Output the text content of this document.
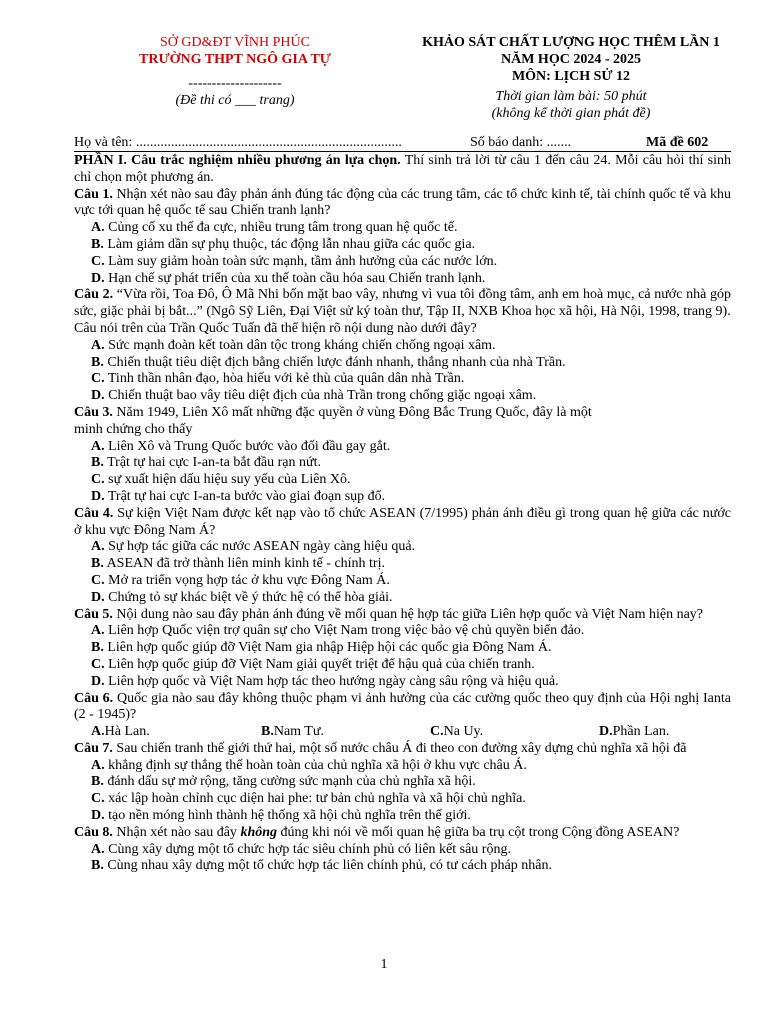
SỞ GD&ĐT VĨNH PHÚC
TRƯỜNG THPT NGÔ GIA TỰ
--------------------
(Đề thi có ___ trang)
KHẢO SÁT CHẤT LƯỢNG HỌC THÊM LẦN 1
NĂM HỌC 2024 - 2025
MÔN: LỊCH SỬ 12
Thời gian làm bài: 50 phút
(không kể thời gian phát đề)
Họ và tên: ............................................................................	Số báo danh: .......	Mã đề 602

PHẦN I. Câu trắc nghiệm nhiều phương án lựa chọn. Thí sinh trả lời từ câu 1 đến câu 24. Mỗi câu hỏi thí sinh chỉ chọn một phương án.

Câu 1. Nhận xét nào sau đây phản ánh đúng tác động của các trung tâm, các tổ chức kinh tế, tài chính quốc tế và khu vực tới quan hệ quốc tế sau Chiến tranh lạnh?

A. Củng cố xu thế đa cực, nhiều trung tâm trong quan hệ quốc tế.

B. Làm giảm dần sự phụ thuộc, tác động lẫn nhau giữa các quốc gia.

C. Làm suy giảm hoàn toàn sức mạnh, tầm ảnh hưởng của các nước lớn.

D. Hạn chế sự phát triển của xu thế toàn cầu hóa sau Chiến tranh lạnh.

Câu 2. “Vừa rồi, Toa Đô, Ô Mã Nhi bốn mặt bao vây, nhưng vì vua tôi đồng tâm, anh em hoà mục, cả nước nhà góp sức, giặc phải bị bắt...” (Ngô Sỹ Liên, Đại Việt sử ký toàn thư, Tập II, NXB Khoa học xã hội, Hà Nội, 1998, trang 9).

Câu nói trên của Trần Quốc Tuấn đã thể hiện rõ nội dung nào dưới đây?

A. Sức mạnh đoàn kết toàn dân tộc trong kháng chiến chống ngoại xâm.

B. Chiến thuật tiêu diệt địch bằng chiến lược đánh nhanh, thắng nhanh của nhà Trần.

C. Tinh thần nhân đạo, hòa hiếu với kẻ thù của quân dân nhà Trần.

D. Chiến thuật bao vây tiêu diệt địch của nhà Trần trong chống giặc ngoại xâm.

Câu 3. Năm 1949, Liên Xô mất những đặc quyền ở vùng Đông Bắc Trung Quốc, đây là một

minh chứng cho thấy

A. Liên Xô và Trung Quốc bước vào đối đầu gay gắt.

B. Trật tự hai cực I-an-ta bắt đầu rạn nứt.

C. sự xuất hiện dấu hiệu suy yếu của Liên Xô.

D. Trật tự hai cực I-an-ta bước vào giai đoạn sụp đổ.

Câu 4. Sự kiện Việt Nam được kết nạp vào tổ chức ASEAN (7/1995) phản ánh điều gì trong quan hệ giữa các nước ở khu vực Đông Nam Á?

A. Sự hợp tác giữa các nước ASEAN ngày càng hiệu quả.

B. ASEAN đã trở thành liên minh kinh tế - chính trị.

C. Mở ra triển vọng hợp tác ở khu vực Đông Nam Á.

D. Chứng tỏ sự khác biệt về ý thức hệ có thể hòa giải.

Câu 5. Nội dung nào sau đây phản ánh đúng về mối quan hệ hợp tác giữa Liên hợp quốc và Việt Nam hiện nay?

A. Liên hợp Quốc viện trợ quân sự cho Việt Nam trong việc bảo vệ chủ quyền biển đảo.

B. Liên hợp quốc giúp đỡ Việt Nam gia nhập Hiệp hội các quốc gia Đông Nam Á.

C. Liên hợp quốc giúp đỡ Việt Nam giải quyết triệt để hậu quả của chiến tranh.

D. Liên hợp quốc và Việt Nam hợp tác theo hướng ngày càng sâu rộng và hiệu quả.

Câu 6. Quốc gia nào sau đây không thuộc phạm vi ảnh hưởng của các cường quốc theo quy định của Hội nghị Ianta (2 - 1945)?

A.Hà Lan.	B.Nam Tư.	C.Na Uy.	D.Phần Lan.

Câu 7. Sau chiến tranh thế giới thứ hai, một số nước châu Á đi theo con đường xây dựng chủ nghĩa xã hội đã

A. khẳng định sự thắng thế hoàn toàn của chủ nghĩa xã hội ở khu vực châu Á.

B. đánh dấu sự mở rộng, tăng cường sức mạnh của chủ nghĩa xã hội.

C. xác lập hoàn chỉnh cục diện hai phe: tư bản chủ nghĩa và xã hội chủ nghĩa.

D. tạo nền móng hình thành hệ thống xã hội chủ nghĩa trên thế giới.

Câu 8. Nhận xét nào sau đây không đúng khi nói về mối quan hệ giữa ba trụ cột trong Cộng đồng ASEAN?

A. Cùng xây dựng một tổ chức hợp tác siêu chính phủ có liên kết sâu rộng.

B. Cùng nhau xây dựng một tổ chức hợp tác liên chính phủ, có tư cách pháp nhân.

1
